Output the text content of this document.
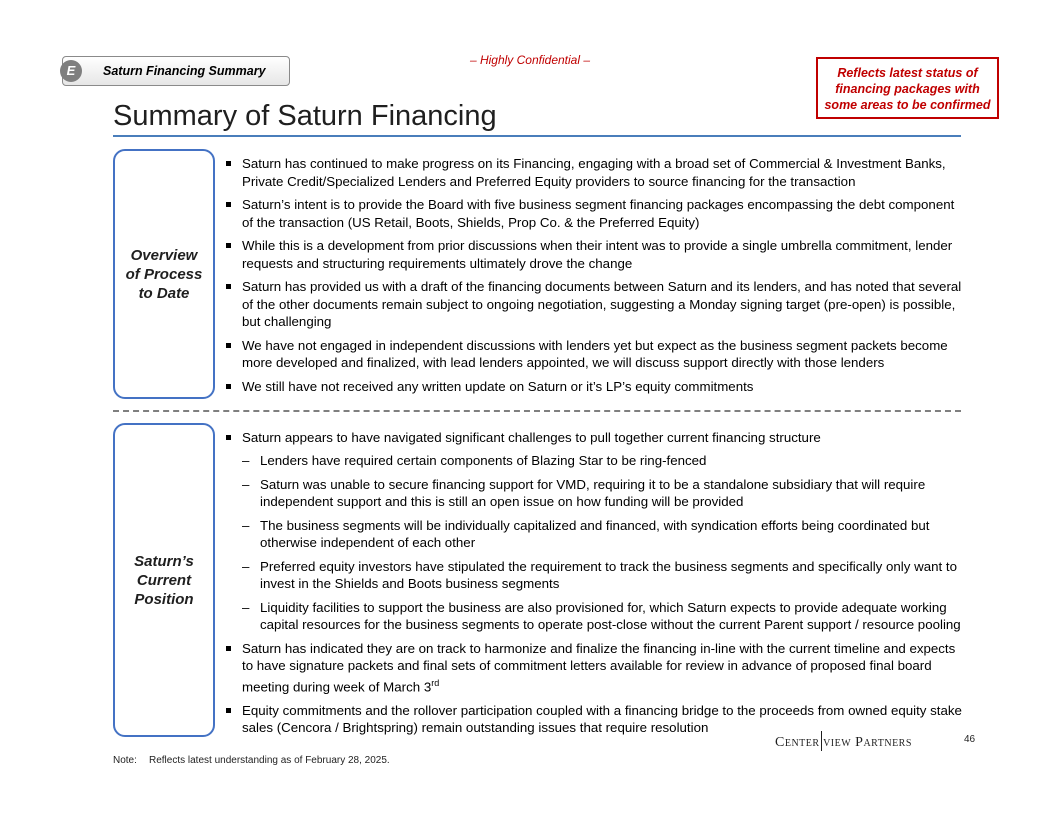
E	Saturn Financing Summary
– Highly Confidential –
Reflects latest status of financing packages with some areas to be confirmed
Summary of Saturn Financing
Overview
of Process
to Date
Saturn has continued to make progress on its Financing, engaging with a broad set of Commercial & Investment Banks, Private Credit/Specialized Lenders and Preferred Equity providers to source financing for the transaction
Saturn’s intent is to provide the Board with five business segment financing packages encompassing the debt component of the transaction (US Retail, Boots, Shields, Prop Co. & the Preferred Equity)
While this is a development from prior discussions when their intent was to provide a single umbrella commitment, lender requests and structuring requirements ultimately drove the change
Saturn has provided us with a draft of the financing documents between Saturn and its lenders, and has noted that several of the other documents remain subject to ongoing negotiation, suggesting a Monday signing target (pre-open) is possible, but challenging
We have not engaged in independent discussions with lenders yet but expect as the business segment packets become more developed and finalized, with lead lenders appointed, we will discuss support directly with those lenders
We still have not received any written update on Saturn or it’s LP’s equity commitments
Saturn’s
Current
Position
Saturn appears to have navigated significant challenges to pull together current financing structure
– Lenders have required certain components of Blazing Star to be ring-fenced
– Saturn was unable to secure financing support for VMD, requiring it to be a standalone subsidiary that will require independent support and this is still an open issue on how funding will be provided
– The business segments will be individually capitalized and financed, with syndication efforts being coordinated but otherwise independent of each other
– Preferred equity investors have stipulated the requirement to track the business segments and specifically only want to invest in the Shields and Boots business segments
– Liquidity facilities to support the business are also provisioned for, which Saturn expects to provide adequate working capital resources for the business segments to operate post-close without the current Parent support / resource pooling
Saturn has indicated they are on track to harmonize and finalize the financing in-line with the current timeline and expects to have signature packets and final sets of commitment letters available for review in advance of proposed final board meeting during week of March 3rd
Equity commitments and the rollover participation coupled with a financing bridge to the proceeds from owned equity stake sales (Cencora / Brightspring) remain outstanding issues that require resolution
Note: Reflects latest understanding as of February 28, 2025.
Center view Partners	46
